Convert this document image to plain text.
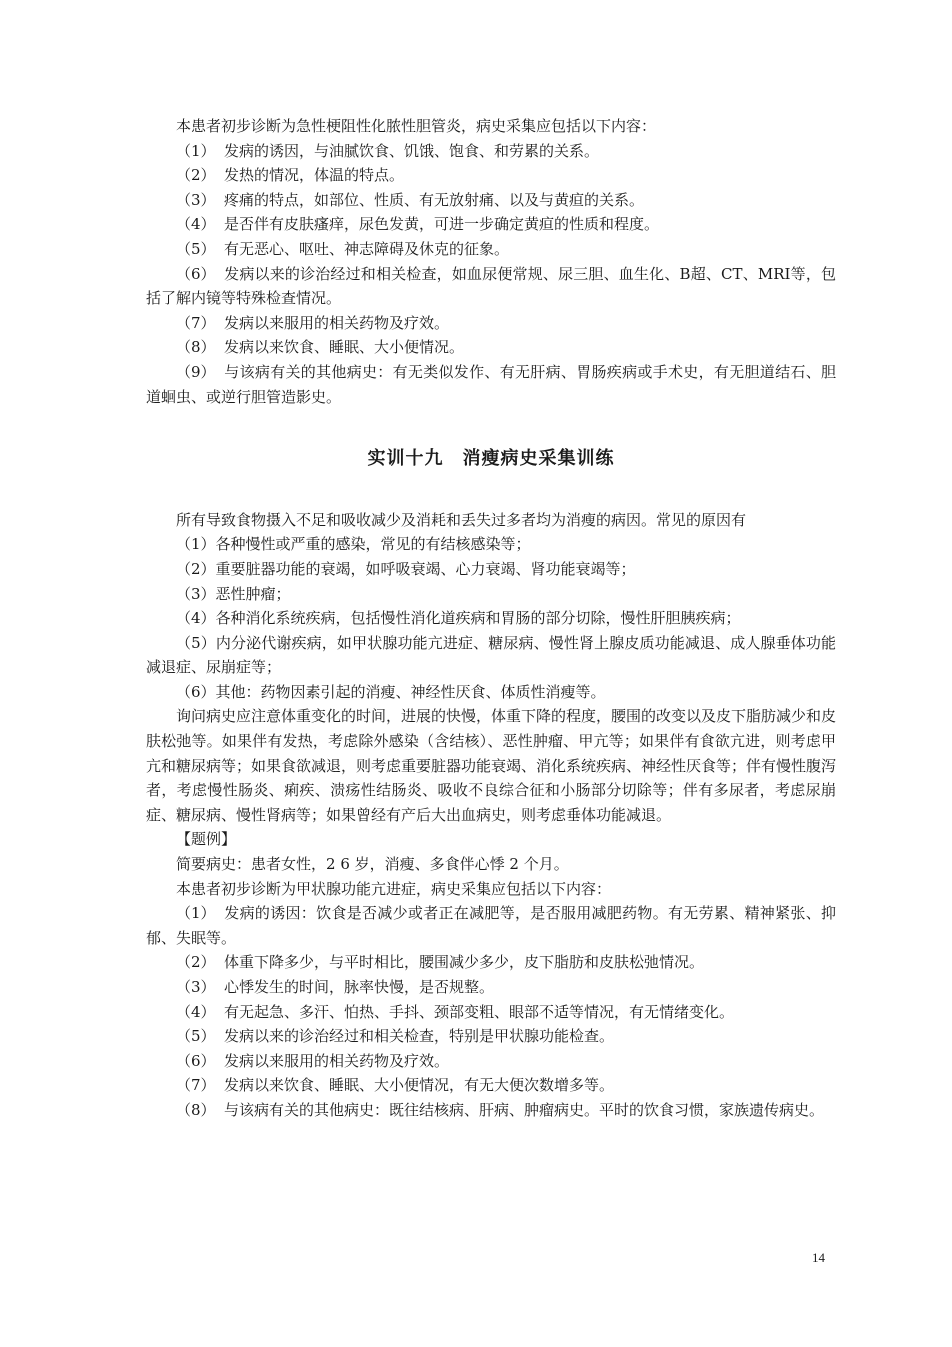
本患者初步诊断为急性梗阻性化脓性胆管炎，病史采集应包括以下内容：

（1） 发病的诱因，与油腻饮食、饥饿、饱食、和劳累的关系。

（2） 发热的情况，体温的特点。

（3） 疼痛的特点，如部位、性质、有无放射痛、以及与黄疸的关系。

（4） 是否伴有皮肤瘙痒，尿色发黄，可进一步确定黄疸的性质和程度。

（5） 有无恶心、呕吐、神志障碍及休克的征象。

（6） 发病以来的诊治经过和相关检查，如血尿便常规、尿三胆、血生化、B超、CT、MRI等，包括了解内镜等特殊检查情况。

（7） 发病以来服用的相关药物及疗效。

（8） 发病以来饮食、睡眠、大小便情况。

（9） 与该病有关的其他病史：有无类似发作、有无肝病、胃肠疾病或手术史，有无胆道结石、胆道蛔虫、或逆行胆管造影史。

实训十九　消瘦病史采集训练

所有导致食物摄入不足和吸收减少及消耗和丢失过多者均为消瘦的病因。常见的原因有

（1）各种慢性或严重的感染，常见的有结核感染等；

（2）重要脏器功能的衰竭，如呼吸衰竭、心力衰竭、肾功能衰竭等；

（3）恶性肿瘤；

（4）各种消化系统疾病，包括慢性消化道疾病和胃肠的部分切除，慢性肝胆胰疾病；

（5）内分泌代谢疾病，如甲状腺功能亢进症、糖尿病、慢性肾上腺皮质功能减退、成人腺垂体功能减退症、尿崩症等；

（6）其他：药物因素引起的消瘦、神经性厌食、体质性消瘦等。

询问病史应注意体重变化的时间，进展的快慢，体重下降的程度，腰围的改变以及皮下脂肪减少和皮肤松弛等。如果伴有发热，考虑除外感染（含结核）、恶性肿瘤、甲亢等；如果伴有食欲亢进，则考虑甲亢和糖尿病等；如果食欲减退，则考虑重要脏器功能衰竭、消化系统疾病、神经性厌食等；伴有慢性腹泻者，考虑慢性肠炎、痢疾、溃疡性结肠炎、吸收不良综合征和小肠部分切除等；伴有多尿者，考虑尿崩症、糖尿病、慢性肾病等；如果曾经有产后大出血病史，则考虑垂体功能减退。

【题例】

简要病史：患者女性，2 6 岁，消瘦、多食伴心悸 2 个月。

本患者初步诊断为甲状腺功能亢进症，病史采集应包括以下内容：

（1） 发病的诱因：饮食是否减少或者正在减肥等，是否服用减肥药物。有无劳累、精神紧张、抑郁、失眠等。

（2） 体重下降多少，与平时相比，腰围减少多少，皮下脂肪和皮肤松弛情况。

（3） 心悸发生的时间，脉率快慢，是否规整。

（4） 有无起急、多汗、怕热、手抖、颈部变粗、眼部不适等情况，有无情绪变化。

（5） 发病以来的诊治经过和相关检查，特别是甲状腺功能检查。

（6） 发病以来服用的相关药物及疗效。

（7） 发病以来饮食、睡眠、大小便情况，有无大便次数增多等。

（8） 与该病有关的其他病史：既往结核病、肝病、肿瘤病史。平时的饮食习惯，家族遗传病史。

14
